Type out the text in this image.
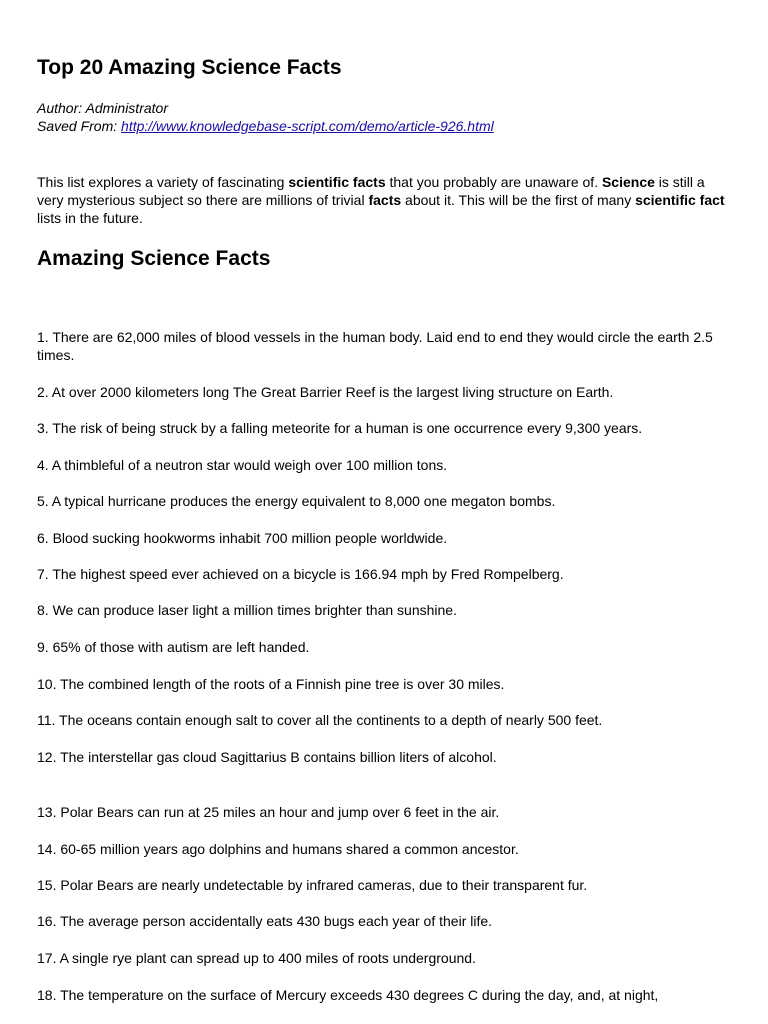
Top 20 Amazing Science Facts
Author: Administrator
Saved From: http://www.knowledgebase-script.com/demo/article-926.html

This list explores a variety of fascinating scientific facts that you probably are unaware of. Science is still a very mysterious subject so there are millions of trivial facts about it. This will be the first of many scientific fact lists in the future.

Amazing Science Facts

1. There are 62,000 miles of blood vessels in the human body. Laid end to end they would circle the earth 2.5 times.

2. At over 2000 kilometers long The Great Barrier Reef is the largest living structure on Earth.

3. The risk of being struck by a falling meteorite for a human is one occurrence every 9,300 years.

4. A thimbleful of a neutron star would weigh over 100 million tons.

5. A typical hurricane produces the energy equivalent to 8,000 one megaton bombs.

6. Blood sucking hookworms inhabit 700 million people worldwide.

7. The highest speed ever achieved on a bicycle is 166.94 mph by Fred Rompelberg.

8. We can produce laser light a million times brighter than sunshine.

9. 65% of those with autism are left handed.

10. The combined length of the roots of a Finnish pine tree is over 30 miles.

11. The oceans contain enough salt to cover all the continents to a depth of nearly 500 feet.

12. The interstellar gas cloud Sagittarius B contains billion liters of alcohol.

13. Polar Bears can run at 25 miles an hour and jump over 6 feet in the air.

14. 60-65 million years ago dolphins and humans shared a common ancestor.

15. Polar Bears are nearly undetectable by infrared cameras, due to their transparent fur.

16. The average person accidentally eats 430 bugs each year of their life.

17. A single rye plant can spread up to 400 miles of roots underground.

18. The temperature on the surface of Mercury exceeds 430 degrees C during the day, and, at night,
